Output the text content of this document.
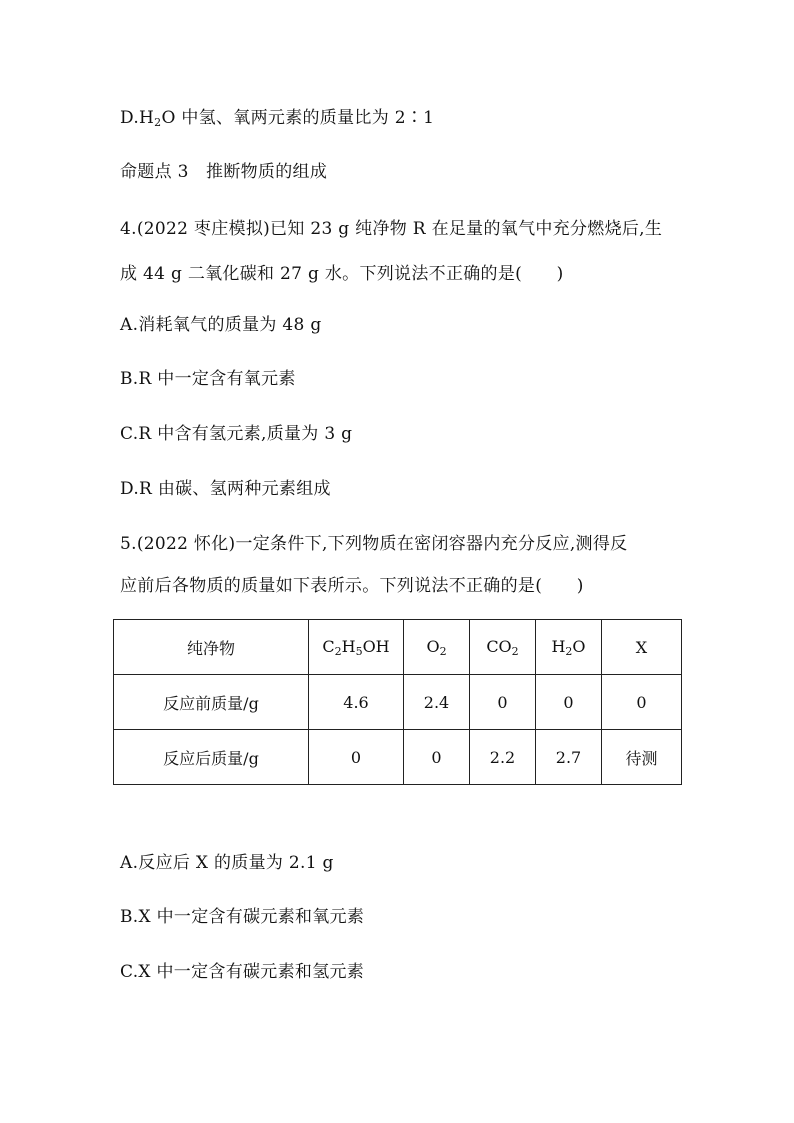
$D.H_2O$ 中氢、氧两元素的质量比为 2∶1
命题点 3　推断物质的组成
4.(2022 枣庄模拟)已知 23 g 纯净物 R 在足量的氧气中充分燃烧后,生
成 44 g 二氧化碳和 27 g 水。下列说法不正确的是(　　)
A.消耗氧气的质量为 48 g
B.R 中一定含有氧元素
C.R 中含有氢元素,质量为 3 g
D.R 由碳、氢两种元素组成
5.(2022 怀化)一定条件下,下列物质在密闭容器内充分反应,测得反
应前后各物质的质量如下表所示。下列说法不正确的是(　　)
纯净物	$C_2H_5OH$	$O_2$	$CO_2$	$H_2O$	X
反应前质量/g	4.6	2.4	0	0	0
反应后质量/g	0	0	2.2	2.7	待测
A.反应后 X 的质量为 2.1 g
B.X 中一定含有碳元素和氧元素
C.X 中一定含有碳元素和氢元素
